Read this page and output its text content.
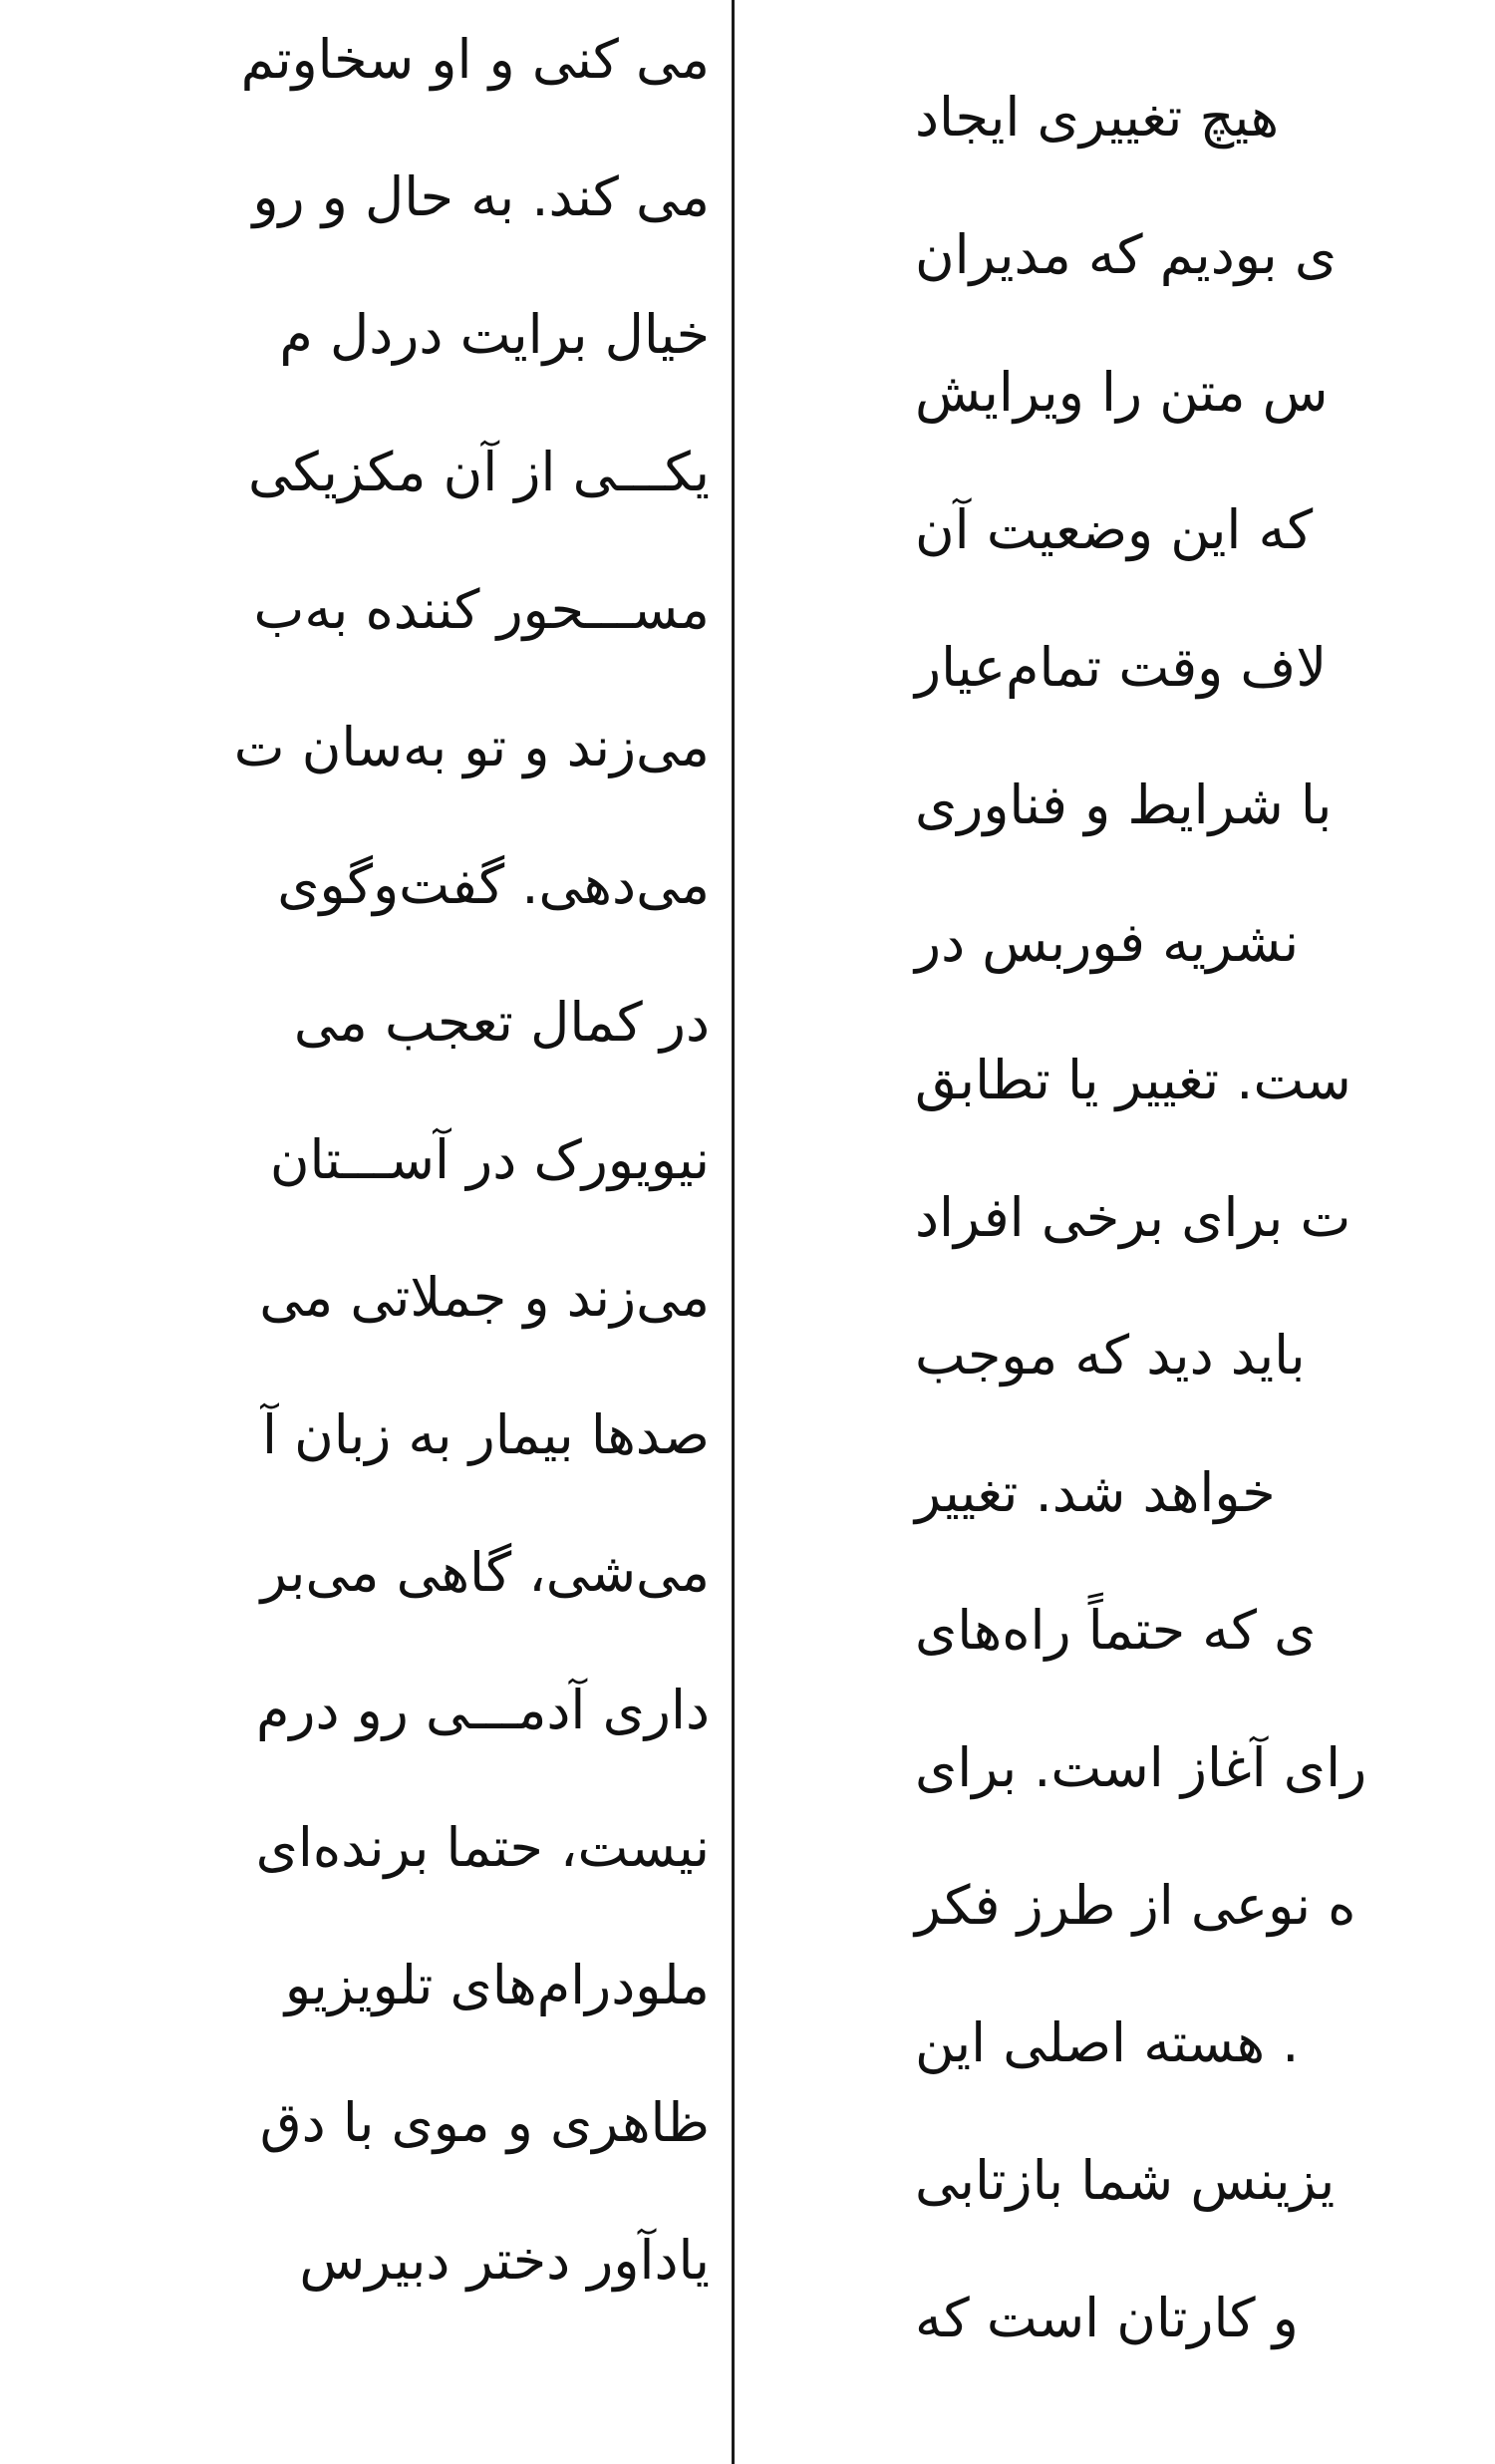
می کنی و او سخاوتم
می کند. به حال و رو
خیال برایت دردل م
یکـــی از آن مکزیکی
مســـحور کننده به‌ب
می‌زند و تو به‌سان ت
می‌دهی. گفت‌وگوی
در کمال تعجب می
نیویورک در آســـتان
می‌زند و جملاتی می
صدها بیمار به زبان آ
می‌شی، گاهی می‌بر
داری آدمـــی رو درم
نیست، حتما برنده‌ای
ملودرام‌های تلویزیو
ظاهری و موی با دق
یادآور دختر دبیرس
هیچ تغییری ایجاد
ی بودیم که مدیران
س متن را ویرایش
که این وضعیت آن
لاف وقت تمام‌عیار
با شرایط و فناوری
نشریه فوربس در
ست. تغییر یا تطابق
ت برای برخی افراد
باید دید که موجب
خواهد شد. تغییر
ی که حتماً راه‌های
رای آغاز است. برای
ه نوعی از طرز فکر
. هسته اصلی این
یزینس شما بازتابی
و کارتان است که
